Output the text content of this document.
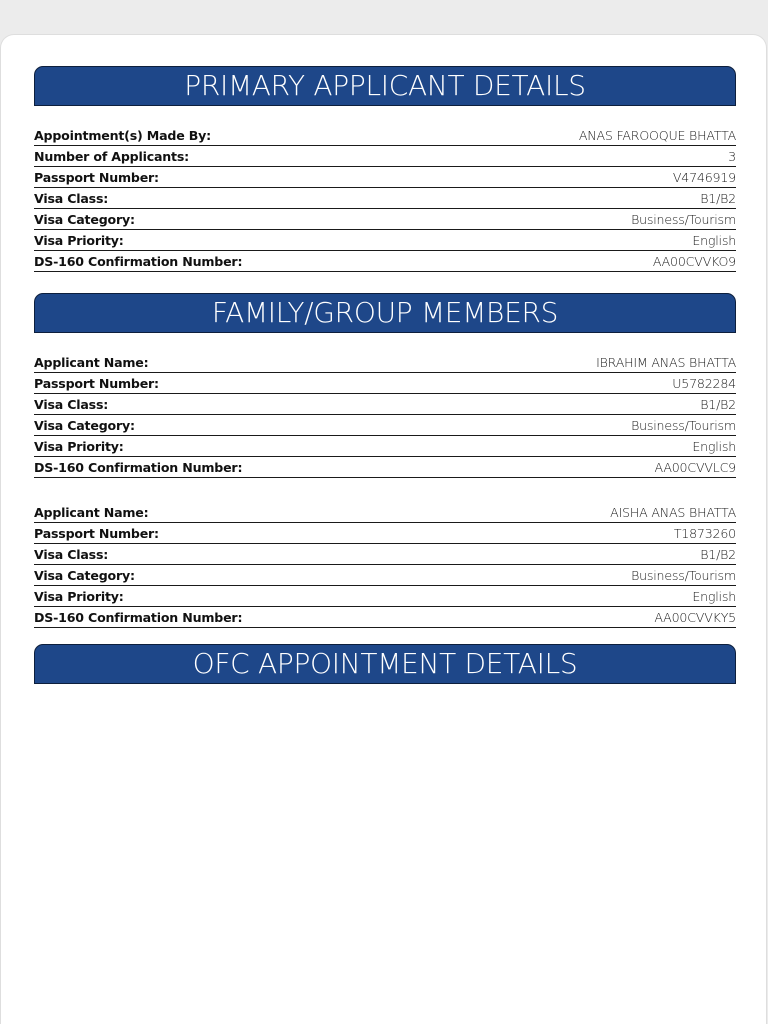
PRIMARY APPLICANT DETAILS
Appointment(s) Made By:	ANAS FAROOQUE BHATTA
Number of Applicants:	3
Passport Number:	V4746919
Visa Class:	B1/B2
Visa Category:	Business/Tourism
Visa Priority:	English
DS-160 Confirmation Number:	AA00CVVKO9
FAMILY/GROUP MEMBERS
Applicant Name:	IBRAHIM ANAS BHATTA
Passport Number:	U5782284
Visa Class:	B1/B2
Visa Category:	Business/Tourism
Visa Priority:	English
DS-160 Confirmation Number:	AA00CVVLC9
Applicant Name:	AISHA ANAS BHATTA
Passport Number:	T1873260
Visa Class:	B1/B2
Visa Category:	Business/Tourism
Visa Priority:	English
DS-160 Confirmation Number:	AA00CVVKY5
OFC APPOINTMENT DETAILS
